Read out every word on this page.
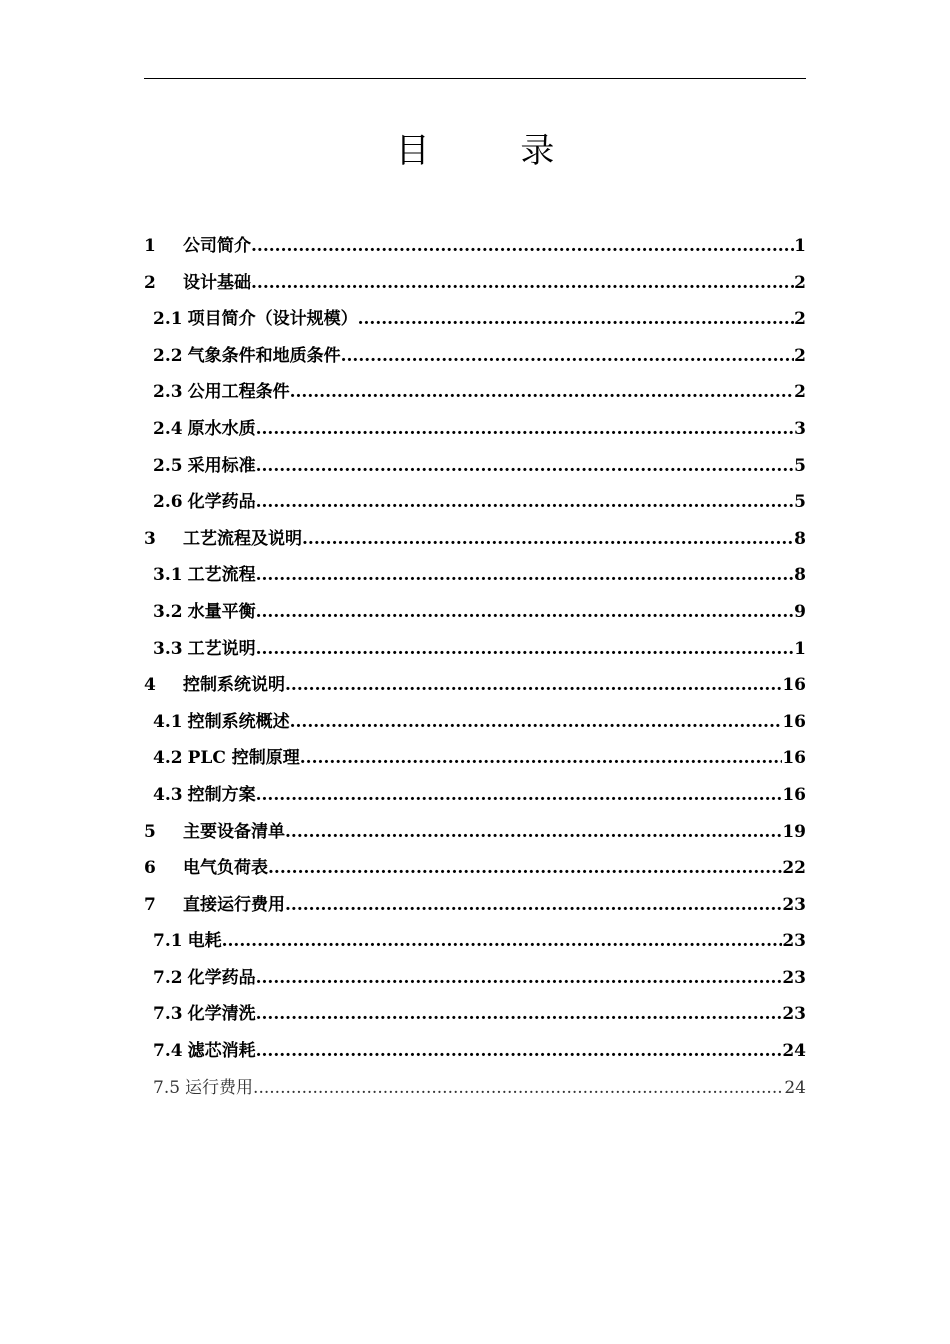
目 录
1	公司简介 .....	1
2	设计基础 .....	2
2.1 项目简介（设计规模） .....	2
2.2 气象条件和地质条件 .....	2
2.3 公用工程条件 .....	2
2.4 原水水质 .....	3
2.5 采用标准 .....	5
2.6 化学药品 .....	5
3	工艺流程及说明 .....	8
3.1 工艺流程 .....	8
3.2 水量平衡 .....	9
3.3 工艺说明 .....	1
4	控制系统说明 .....	16
4.1 控制系统概述 .....	16
4.2 PLC 控制原理 .....	16
4.3 控制方案 .....	16
5	主要设备清单 .....	19
6	电气负荷表 .....	22
7	直接运行费用 .....	23
7.1 电耗 .....	23
7.2 化学药品 .....	23
7.3 化学清洗 .....	23
7.4 滤芯消耗 .....	24
7.5 运行费用 .....	24
